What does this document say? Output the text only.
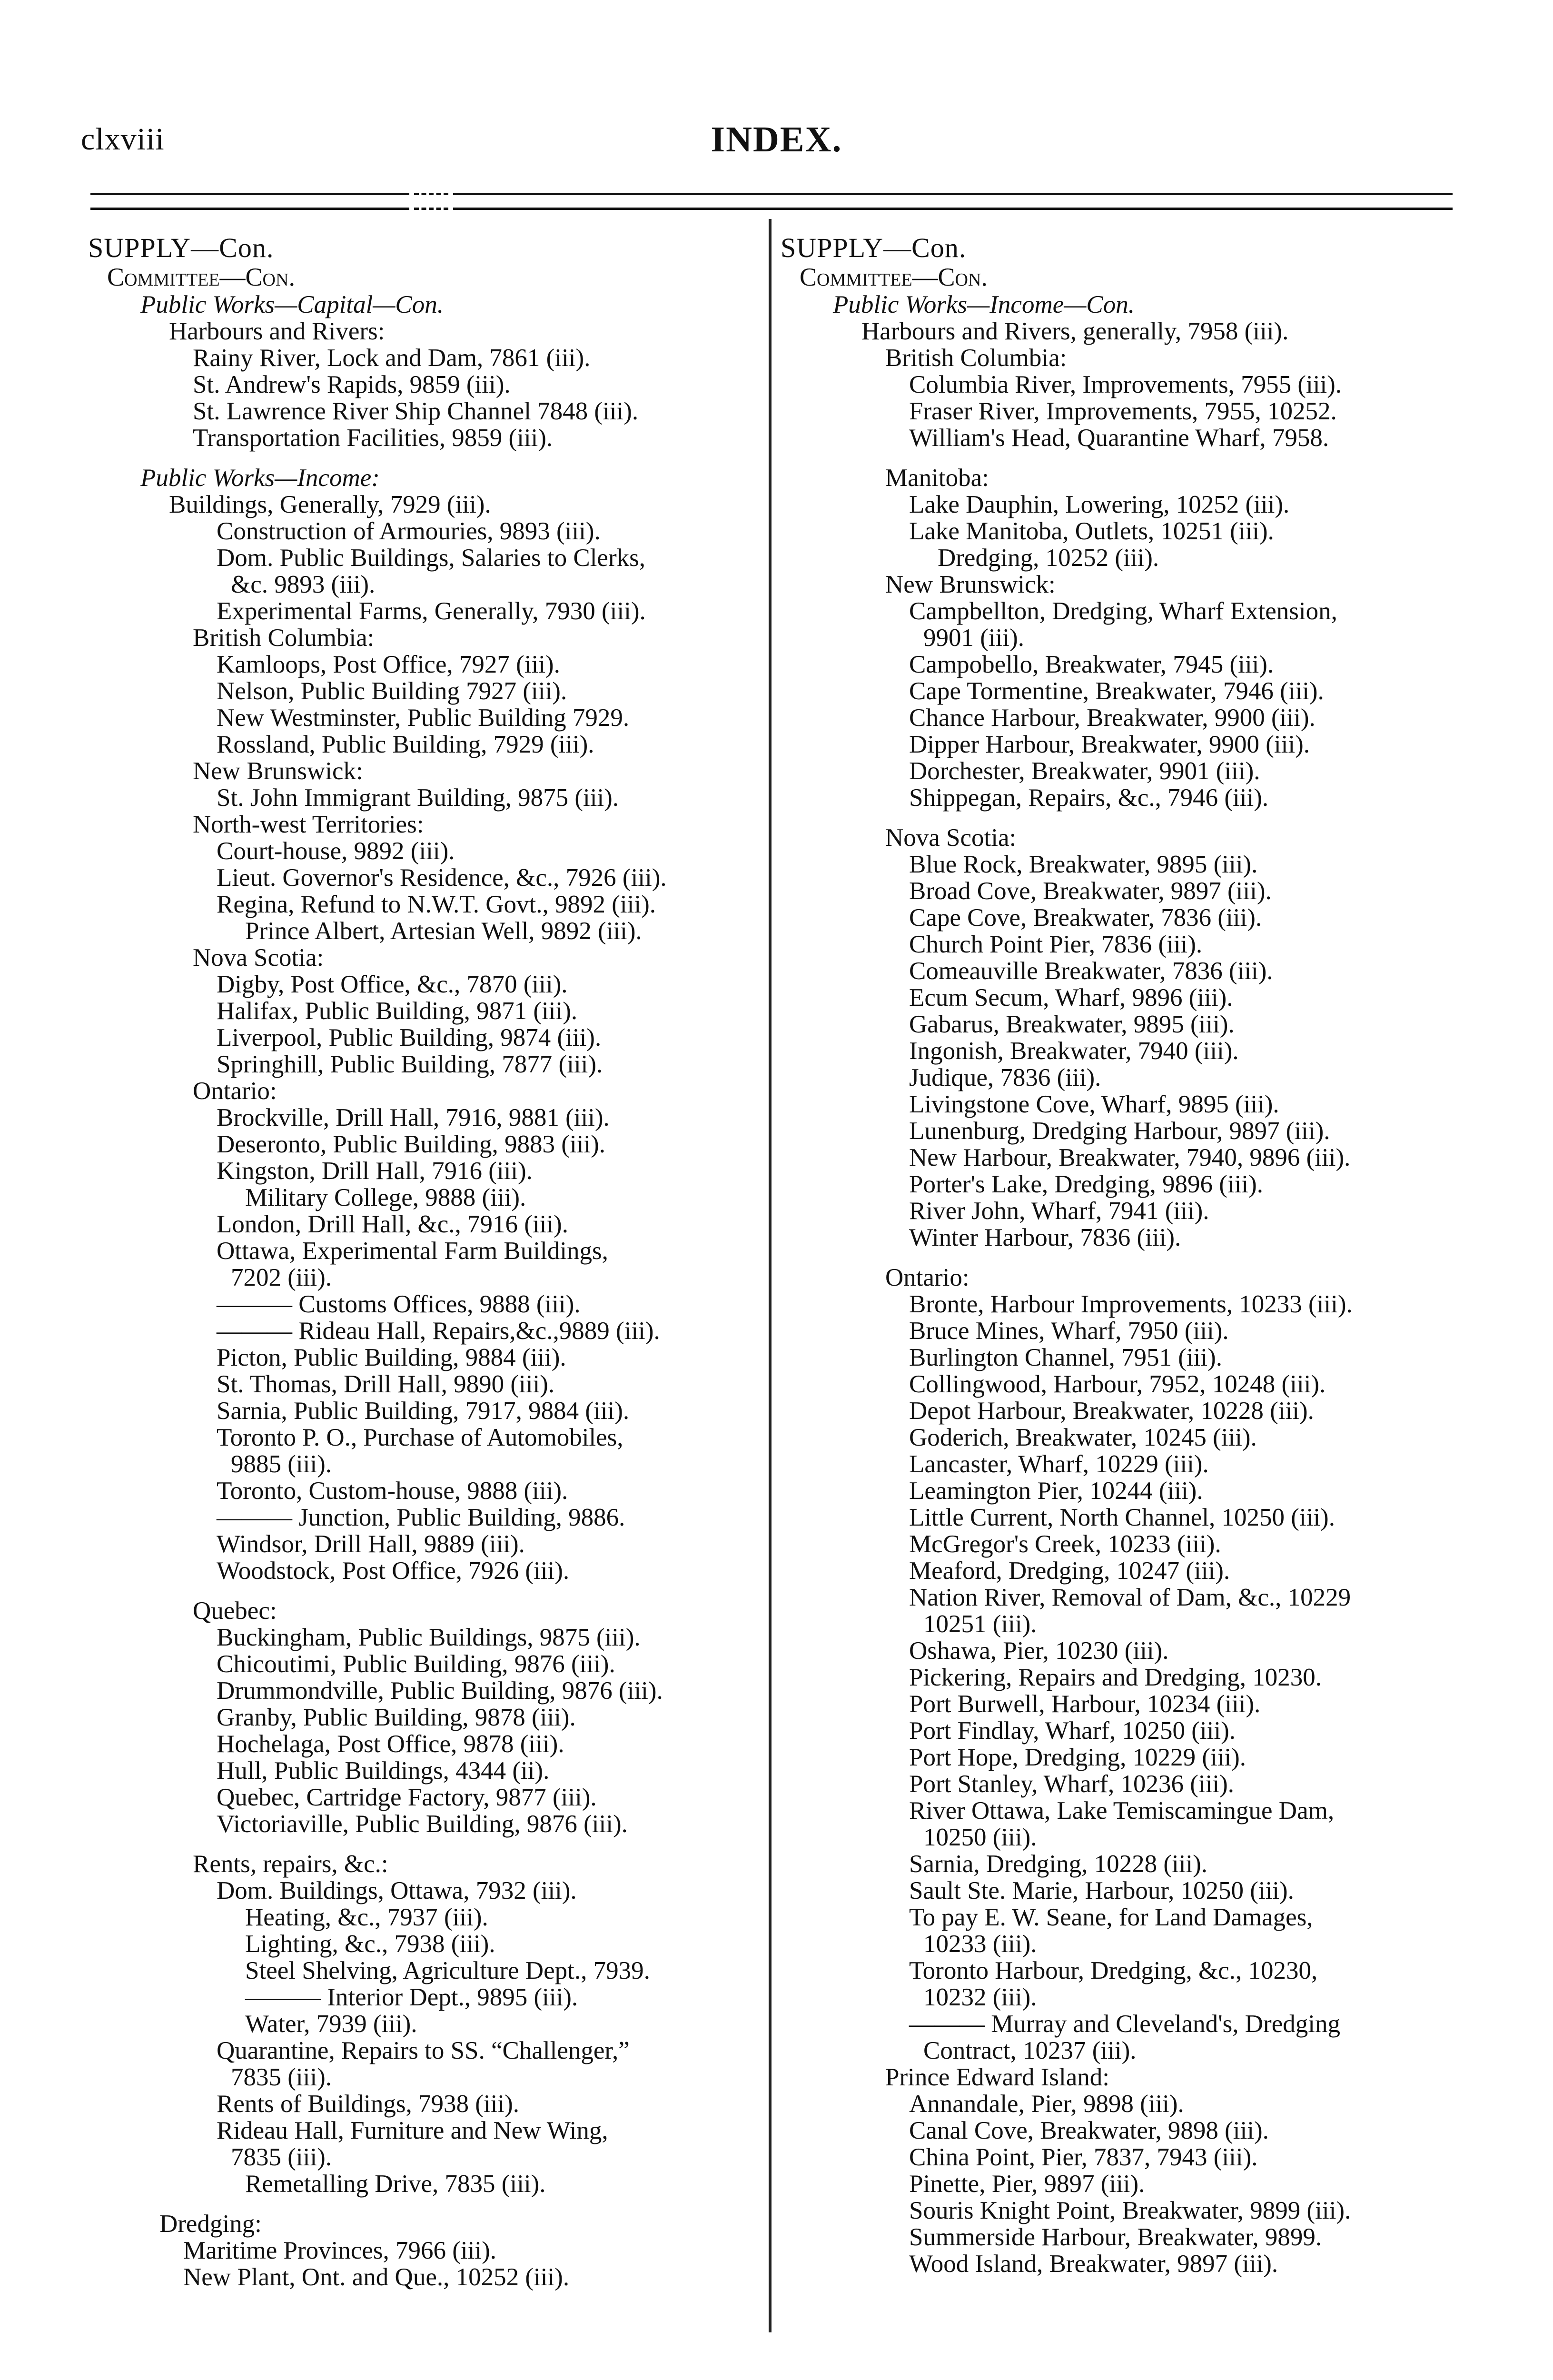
clxviii	INDEX.
SUPPLY—Con.
Committee—Con.
Public Works—Capital—Con.
Harbours and Rivers:
Rainy River, Lock and Dam, 7861 (iii).
St. Andrew's Rapids, 9859 (iii).
St. Lawrence River Ship Channel 7848 (iii).
Transportation Facilities, 9859 (iii).
Public Works—Income:
Buildings, Generally, 7929 (iii).
Construction of Armouries, 9893 (iii).
Dom. Public Buildings, Salaries to Clerks,
&c. 9893 (iii).
Experimental Farms, Generally, 7930 (iii).
British Columbia:
Kamloops, Post Office, 7927 (iii).
Nelson, Public Building 7927 (iii).
New Westminster, Public Building 7929.
Rossland, Public Building, 7929 (iii).
New Brunswick:
St. John Immigrant Building, 9875 (iii).
North-west Territories:
Court-house, 9892 (iii).
Lieut. Governor's Residence, &c., 7926 (iii).
Regina, Refund to N.W.T. Govt., 9892 (iii).
Prince Albert, Artesian Well, 9892 (iii).
Nova Scotia:
Digby, Post Office, &c., 7870 (iii).
Halifax, Public Building, 9871 (iii).
Liverpool, Public Building, 9874 (iii).
Springhill, Public Building, 7877 (iii).
Ontario:
Brockville, Drill Hall, 7916, 9881 (iii).
Deseronto, Public Building, 9883 (iii).
Kingston, Drill Hall, 7916 (iii).
Military College, 9888 (iii).
London, Drill Hall, &c., 7916 (iii).
Ottawa, Experimental Farm Buildings,
7202 (iii).
——— Customs Offices, 9888 (iii).
——— Rideau Hall, Repairs,&c.,9889 (iii).
Picton, Public Building, 9884 (iii).
St. Thomas, Drill Hall, 9890 (iii).
Sarnia, Public Building, 7917, 9884 (iii).
Toronto P. O., Purchase of Automobiles,
9885 (iii).
Toronto, Custom-house, 9888 (iii).
——— Junction, Public Building, 9886.
Windsor, Drill Hall, 9889 (iii).
Woodstock, Post Office, 7926 (iii).
Quebec:
Buckingham, Public Buildings, 9875 (iii).
Chicoutimi, Public Building, 9876 (iii).
Drummondville, Public Building, 9876 (iii).
Granby, Public Building, 9878 (iii).
Hochelaga, Post Office, 9878 (iii).
Hull, Public Buildings, 4344 (ii).
Quebec, Cartridge Factory, 9877 (iii).
Victoriaville, Public Building, 9876 (iii).
Rents, repairs, &c.:
Dom. Buildings, Ottawa, 7932 (iii).
Heating, &c., 7937 (iii).
Lighting, &c., 7938 (iii).
Steel Shelving, Agriculture Dept., 7939.
——— Interior Dept., 9895 (iii).
Water, 7939 (iii).
Quarantine, Repairs to SS. “Challenger,”
7835 (iii).
Rents of Buildings, 7938 (iii).
Rideau Hall, Furniture and New Wing,
7835 (iii).
Remetalling Drive, 7835 (iii).
Dredging:
Maritime Provinces, 7966 (iii).
New Plant, Ont. and Que., 10252 (iii).
SUPPLY—Con.
Committee—Con.
Public Works—Income—Con.
Harbours and Rivers, generally, 7958 (iii).
British Columbia:
Columbia River, Improvements, 7955 (iii).
Fraser River, Improvements, 7955, 10252.
William's Head, Quarantine Wharf, 7958.
Manitoba:
Lake Dauphin, Lowering, 10252 (iii).
Lake Manitoba, Outlets, 10251 (iii).
Dredging, 10252 (iii).
New Brunswick:
Campbellton, Dredging, Wharf Extension,
9901 (iii).
Campobello, Breakwater, 7945 (iii).
Cape Tormentine, Breakwater, 7946 (iii).
Chance Harbour, Breakwater, 9900 (iii).
Dipper Harbour, Breakwater, 9900 (iii).
Dorchester, Breakwater, 9901 (iii).
Shippegan, Repairs, &c., 7946 (iii).
Nova Scotia:
Blue Rock, Breakwater, 9895 (iii).
Broad Cove, Breakwater, 9897 (iii).
Cape Cove, Breakwater, 7836 (iii).
Church Point Pier, 7836 (iii).
Comeauville Breakwater, 7836 (iii).
Ecum Secum, Wharf, 9896 (iii).
Gabarus, Breakwater, 9895 (iii).
Ingonish, Breakwater, 7940 (iii).
Judique, 7836 (iii).
Livingstone Cove, Wharf, 9895 (iii).
Lunenburg, Dredging Harbour, 9897 (iii).
New Harbour, Breakwater, 7940, 9896 (iii).
Porter's Lake, Dredging, 9896 (iii).
River John, Wharf, 7941 (iii).
Winter Harbour, 7836 (iii).
Ontario:
Bronte, Harbour Improvements, 10233 (iii).
Bruce Mines, Wharf, 7950 (iii).
Burlington Channel, 7951 (iii).
Collingwood, Harbour, 7952, 10248 (iii).
Depot Harbour, Breakwater, 10228 (iii).
Goderich, Breakwater, 10245 (iii).
Lancaster, Wharf, 10229 (iii).
Leamington Pier, 10244 (iii).
Little Current, North Channel, 10250 (iii).
McGregor's Creek, 10233 (iii).
Meaford, Dredging, 10247 (iii).
Nation River, Removal of Dam, &c., 10229
10251 (iii).
Oshawa, Pier, 10230 (iii).
Pickering, Repairs and Dredging, 10230.
Port Burwell, Harbour, 10234 (iii).
Port Findlay, Wharf, 10250 (iii).
Port Hope, Dredging, 10229 (iii).
Port Stanley, Wharf, 10236 (iii).
River Ottawa, Lake Temiscamingue Dam,
10250 (iii).
Sarnia, Dredging, 10228 (iii).
Sault Ste. Marie, Harbour, 10250 (iii).
To pay E. W. Seane, for Land Damages,
10233 (iii).
Toronto Harbour, Dredging, &c., 10230,
10232 (iii).
——— Murray and Cleveland's, Dredging
Contract, 10237 (iii).
Prince Edward Island:
Annandale, Pier, 9898 (iii).
Canal Cove, Breakwater, 9898 (iii).
China Point, Pier, 7837, 7943 (iii).
Pinette, Pier, 9897 (iii).
Souris Knight Point, Breakwater, 9899 (iii).
Summerside Harbour, Breakwater, 9899.
Wood Island, Breakwater, 9897 (iii).
